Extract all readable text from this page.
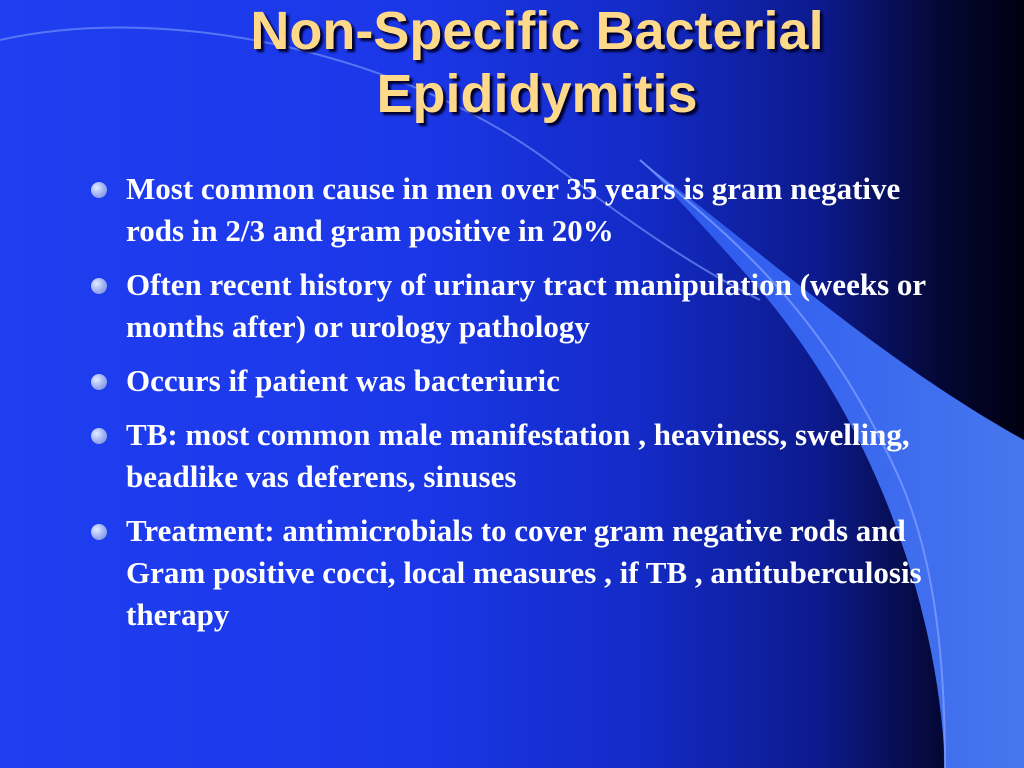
Non-Specific Bacterial
Epididymitis
Most common cause in men over 35 years is gram negative rods in 2/3 and gram positive in 20%
Often recent history of urinary tract manipulation (weeks or months after) or urology pathology
Occurs if patient was bacteriuric
TB: most common male manifestation , heaviness, swelling, beadlike vas deferens, sinuses
Treatment: antimicrobials to cover gram negative rods and Gram positive cocci, local measures , if TB , antituberculosis therapy
